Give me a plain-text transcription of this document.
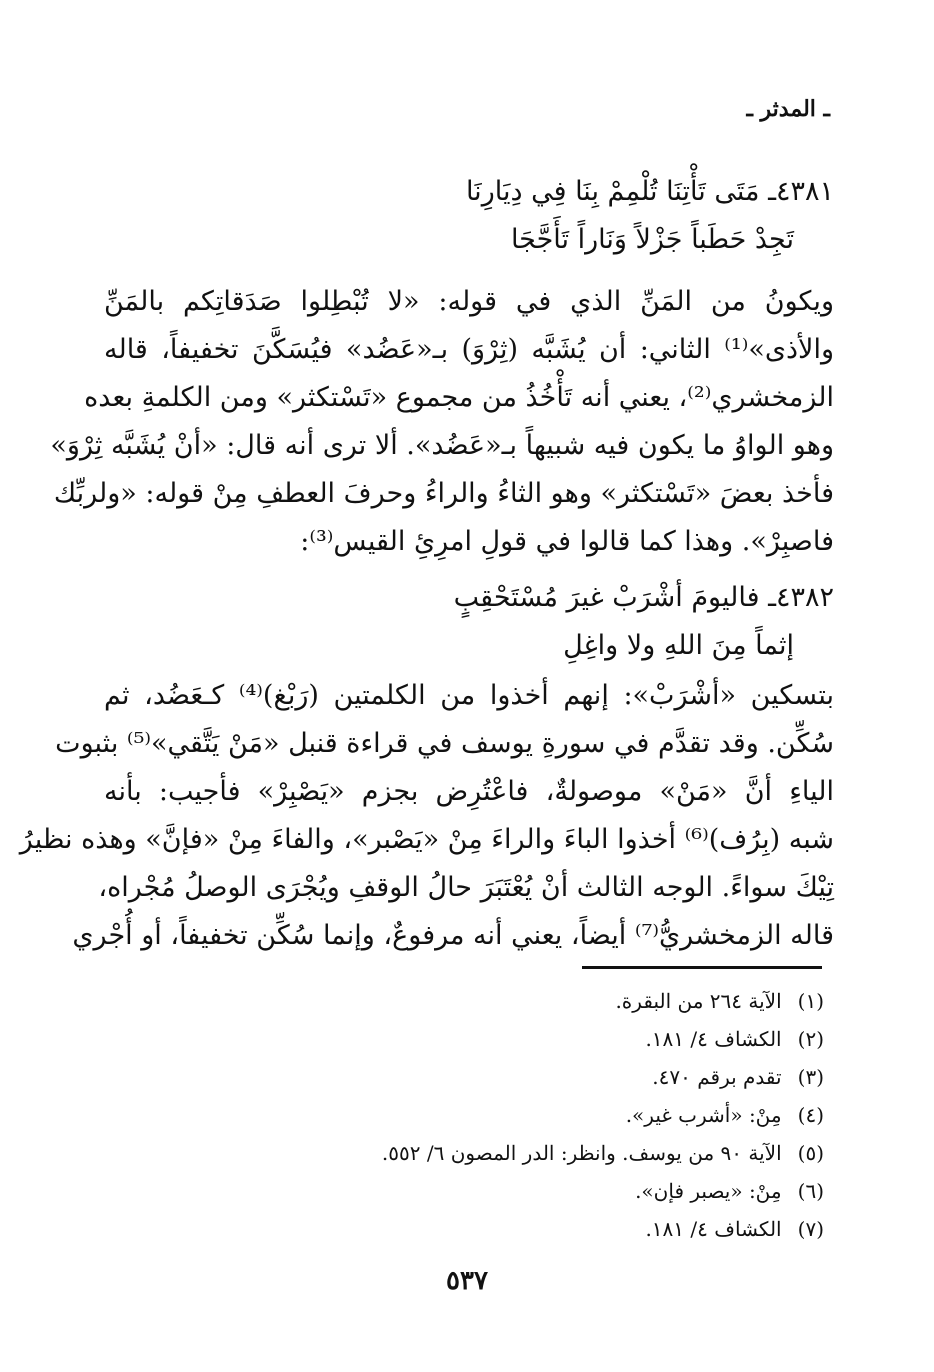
ـ المدثر ـ
٤٣٨١ـ مَتَى تَأْتِنَا تُلْمِمْ بِنَا فِي دِيَارِنَا
تَجِدْ حَطَباً جَزْلاً وَنَاراً تَأَجَّجَا
ويكونُ من المَنِّ الذي في قوله: «لا تُبْطِلوا صَدَقاتِكم بالمَنِّ
والأذى»⁽¹⁾ الثاني: أن يُشَبَّه (ثِرْوَ) بـ«عَضُد» فيُسَكَّنَ تخفيفاً، قاله
الزمخشري⁽²⁾، يعني أنه تَأْخُذُ من مجموع «تَسْتكثر» ومن الكلمةِ بعده
وهو الواوُ ما يكون فيه شبيهاً بـ«عَضُد». ألا ترى أنه قال: «أنْ يُشَبَّه ثِرْوَ»
فأخذ بعضَ «تَسْتكثر» وهو الثاءُ والراءُ وحرفَ العطفِ مِنْ قوله: «ولربِّك
فاصبِرْ». وهذا كما قالوا في قولِ امرِئِ القيس⁽³⁾:
٤٣٨٢ـ فاليومَ أشْرَبْ غيرَ مُسْتَحْقِبٍ
إثماً مِنَ اللهِ ولا واغِلِ
بتسكين «أشْرَبْ»: إنهم أخذوا من الكلمتين (رَبْغ)⁽⁴⁾ كـعَضُد، ثم
سُكِّن. وقد تقدَّم في سورةِ يوسف في قراءة قنبل «مَنْ يَتَّقي»⁽⁵⁾ بثبوت
الياءِ أنَّ «مَنْ» موصولةٌ، فاعْتُرِض بجزم «يَصْبِرْ» فأجيب: بأنه
شبه (بِرُف)⁽⁶⁾ أخذوا الباءَ والراءَ مِنْ «يَصْبر»، والفاءَ مِنْ «فإنَّ» وهذه نظيرُ
تِيْكَ سواءً. الوجه الثالث أنْ يُعْتَبَرَ حالُ الوقفِ ويُجْرَى الوصلُ مُجْراه،
قاله الزمخشريُّ⁽⁷⁾ أيضاً، يعني أنه مرفوعٌ، وإنما سُكِّن تخفيفاً، أو أُجْري
(١)الآية ٢٦٤ من البقرة.
(٢)الكشاف ٤/ ١٨١.
(٣)تقدم برقم ٤٧٠.
(٤)مِنْ: «أشرب غير».
(٥)الآية ٩٠ من يوسف. وانظر: الدر المصون ٦/ ٥٥٢.
(٦)مِنْ: «يصبر فإن».
(٧)الكشاف ٤/ ١٨١.
٥٣٧
